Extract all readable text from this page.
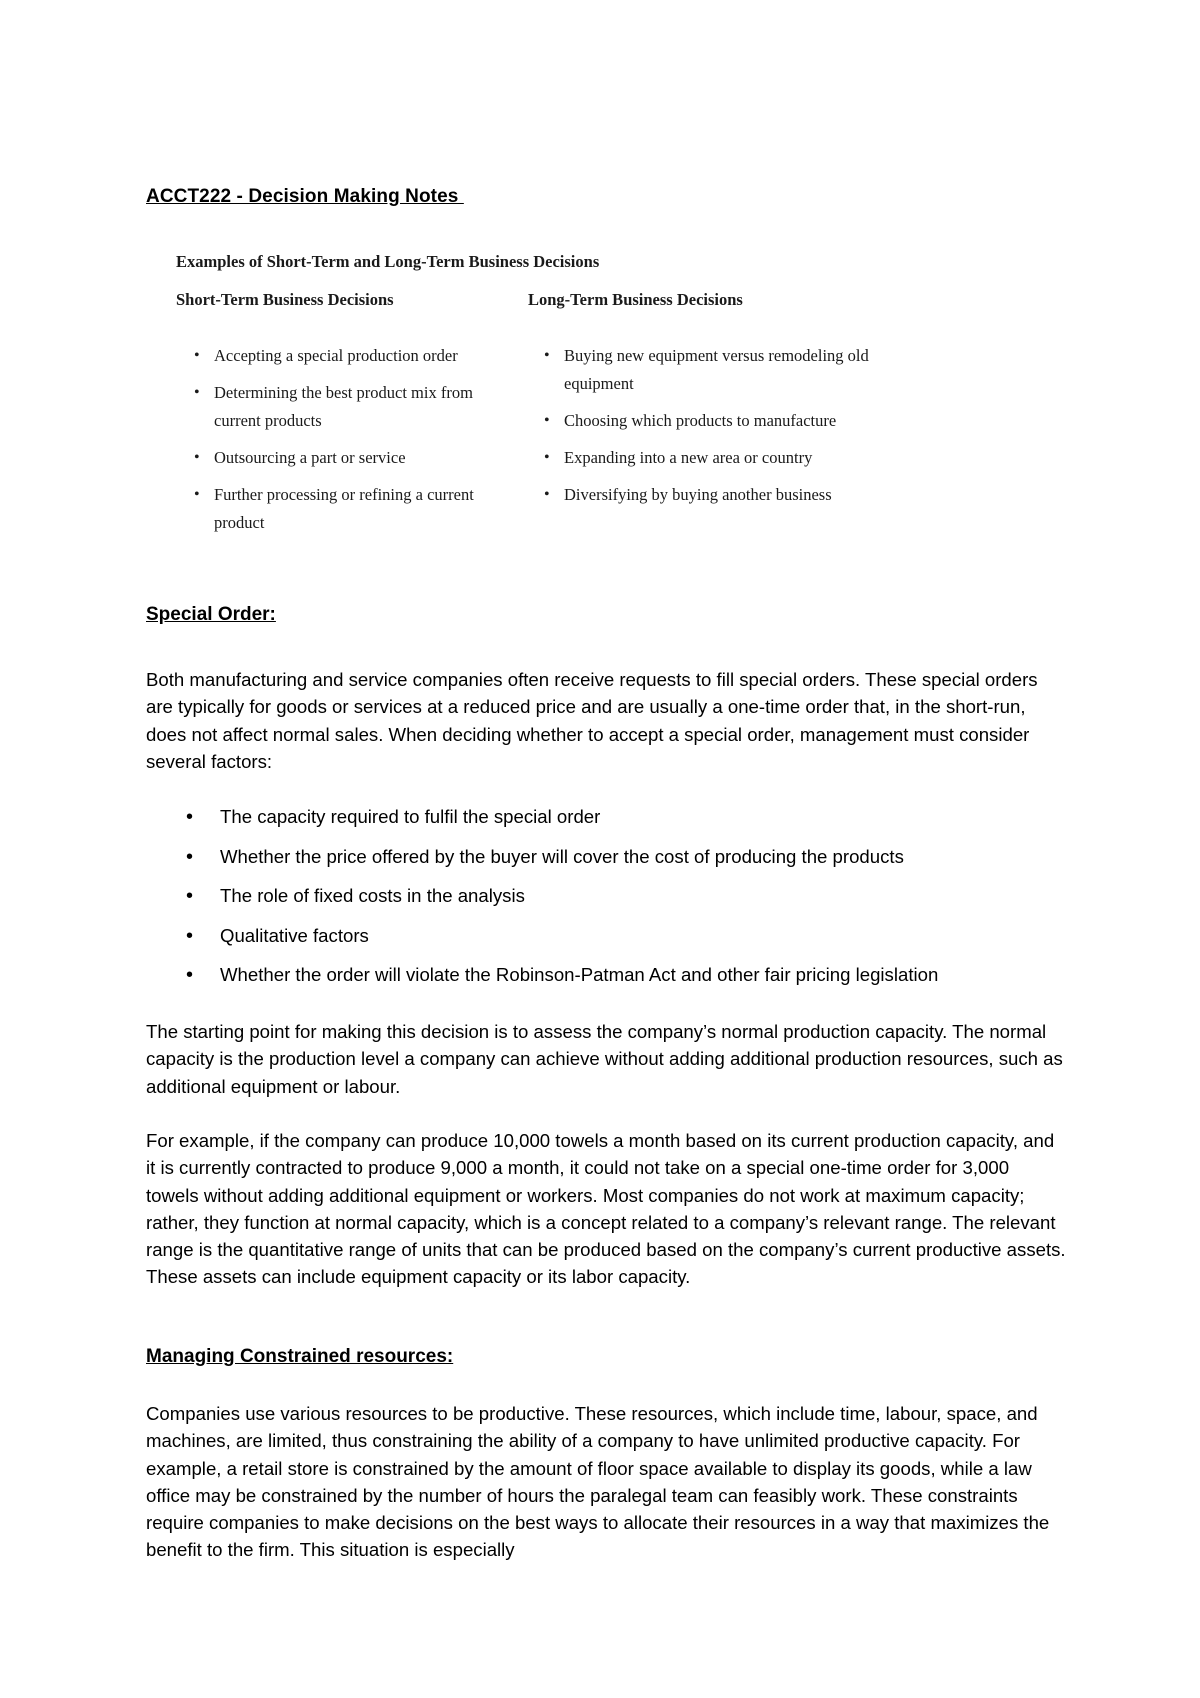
ACCT222 - Decision Making Notes
Examples of Short-Term and Long-Term Business Decisions
Short-Term Business Decisions	Long-Term Business Decisions
• Accepting a special production order
• Determining the best product mix from current products
• Outsourcing a part or service
• Further processing or refining a current product
• Buying new equipment versus remodeling old equipment
• Choosing which products to manufacture
• Expanding into a new area or country
• Diversifying by buying another business
Special Order:

Both manufacturing and service companies often receive requests to fill special orders. These special orders are typically for goods or services at a reduced price and are usually a one-time order that, in the short-run, does not affect normal sales. When deciding whether to accept a special order, management must consider several factors:

• The capacity required to fulfil the special order
• Whether the price offered by the buyer will cover the cost of producing the products
• The role of fixed costs in the analysis
• Qualitative factors
• Whether the order will violate the Robinson-Patman Act and other fair pricing legislation

The starting point for making this decision is to assess the company’s normal production capacity. The normal capacity is the production level a company can achieve without adding additional production resources, such as additional equipment or labour.

For example, if the company can produce 10,000 towels a month based on its current production capacity, and it is currently contracted to produce 9,000 a month, it could not take on a special one-time order for 3,000 towels without adding additional equipment or workers. Most companies do not work at maximum capacity; rather, they function at normal capacity, which is a concept related to a company’s relevant range. The relevant range is the quantitative range of units that can be produced based on the company’s current productive assets. These assets can include equipment capacity or its labor capacity.

Managing Constrained resources:

Companies use various resources to be productive. These resources, which include time, labour, space, and machines, are limited, thus constraining the ability of a company to have unlimited productive capacity. For example, a retail store is constrained by the amount of floor space available to display its goods, while a law office may be constrained by the number of hours the paralegal team can feasibly work. These constraints require companies to make decisions on the best ways to allocate their resources in a way that maximizes the benefit to the firm. This situation is especially
